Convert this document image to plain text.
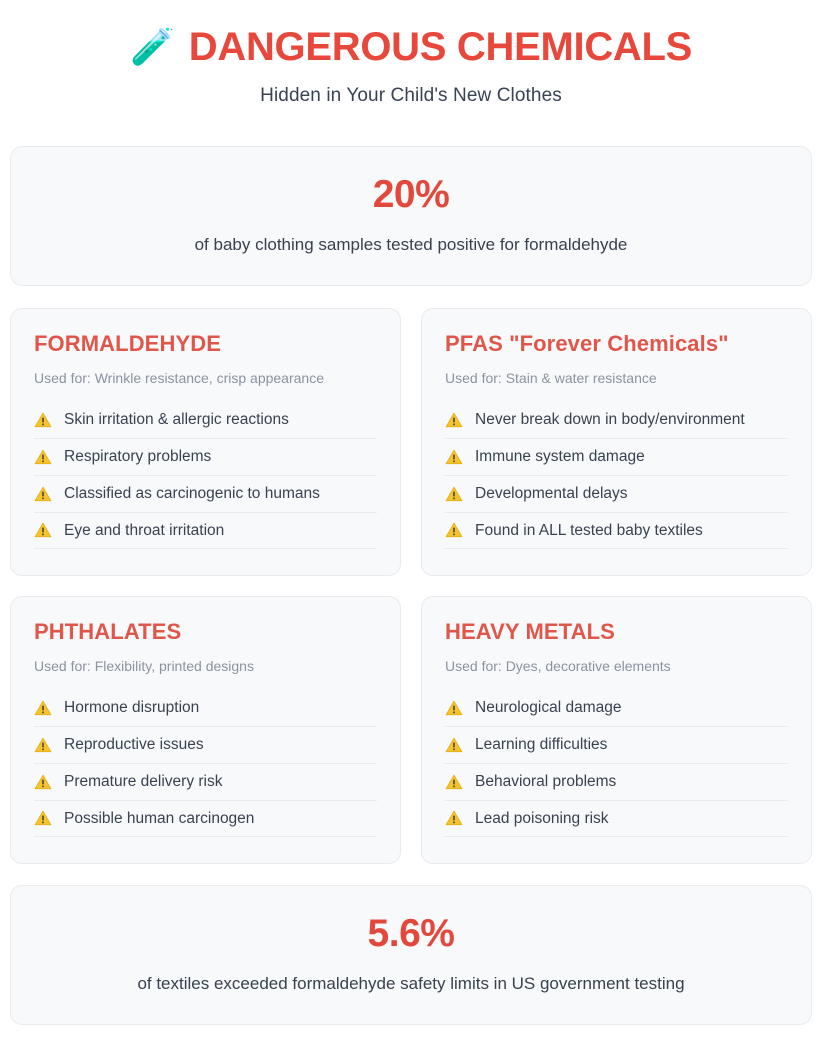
🧪 DANGEROUS CHEMICALS
Hidden in Your Child's New Clothes
20%
of baby clothing samples tested positive for formaldehyde
FORMALDEHYDE
Used for: Wrinkle resistance, crisp appearance
Skin irritation & allergic reactions
Respiratory problems
Classified as carcinogenic to humans
Eye and throat irritation
PFAS "Forever Chemicals"
Used for: Stain & water resistance
Never break down in body/environment
Immune system damage
Developmental delays
Found in ALL tested baby textiles
PHTHALATES
Used for: Flexibility, printed designs
Hormone disruption
Reproductive issues
Premature delivery risk
Possible human carcinogen
HEAVY METALS
Used for: Dyes, decorative elements
Neurological damage
Learning difficulties
Behavioral problems
Lead poisoning risk
5.6%
of textiles exceeded formaldehyde safety limits in US government testing
